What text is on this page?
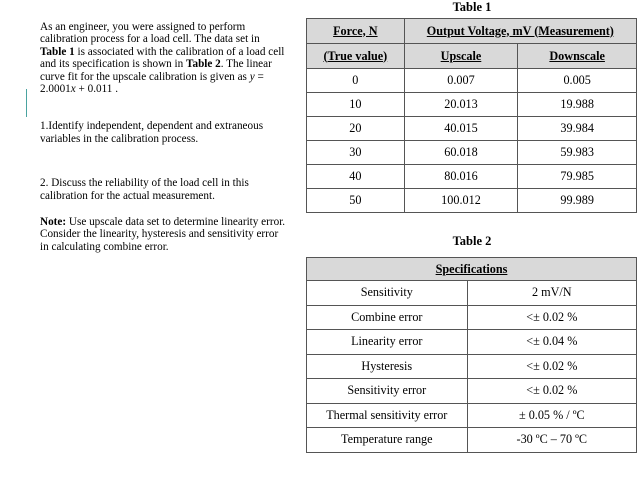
As an engineer, you were assigned to perform calibration process for a load cell. The data set in Table 1 is associated with the calibration of a load cell and its specification is shown in Table 2. The linear curve fit for the upscale calibration is given as y = 2.0001x + 0.011 .

1.Identify independent, dependent and extraneous variables in the calibration process.

2. Discuss the reliability of the load cell in this calibration for the actual measurement.

Note: Use upscale data set to determine linearity error. Consider the linearity, hysteresis and sensitivity error in calculating combine error.

Table 1
Force, N	Output Voltage, mV (Measurement)	
(True value)	Upscale	Downscale
0	0.007	0.005
10	20.013	19.988
20	40.015	39.984
30	60.018	59.983
40	80.016	79.985
50	100.012	99.989
Table 2
Specifications	
Sensitivity	2 mV/N
Combine error	<± 0.02 %
Linearity error	<± 0.04 %
Hysteresis	<± 0.02 %
Sensitivity error	<± 0.02 %
Thermal sensitivity error	± 0.05 % / ºC
Temperature range	-30 ºC – 70 ºC
